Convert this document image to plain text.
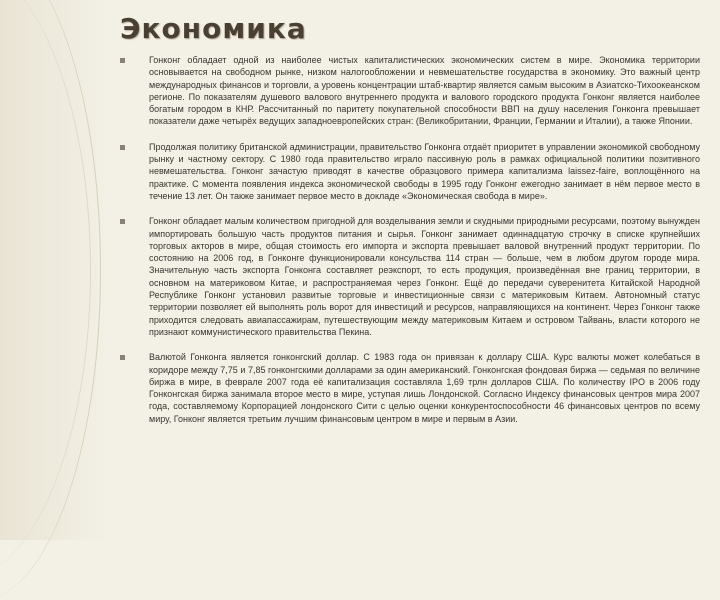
Экономика
Гонконг обладает одной из наиболее чистых капиталистических экономических систем в мире. Экономика территории основывается на свободном рынке, низком налогообложении и невмешательстве государства в экономику. Это важный центр международных финансов и торговли, а уровень концентрации штаб-квартир является самым высоким в Азиатско-Тихоокеанском регионе. По показателям душевого валового внутреннего продукта и валового городского продукта Гонконг является наиболее богатым городом в КНР. Рассчитанный по паритету покупательной способности ВВП на душу населения Гонконга превышает показатели даже четырёх ведущих западноевропейских стран: (Великобритании, Франции, Германии и Италии), а также Японии.
Продолжая политику британской администрации, правительство Гонконга отдаёт приоритет в управлении экономикой свободному рынку и частному сектору. С 1980 года правительство играло пассивную роль в рамках официальной политики позитивного невмешательства. Гонконг зачастую приводят в качестве образцового примера капитализма laissez-faire, воплощённого на практике. С момента появления индекса экономической свободы в 1995 году Гонконг ежегодно занимает в нём первое место в течение 13 лет. Он также занимает первое место в докладе «Экономическая свобода в мире».
Гонконг обладает малым количеством пригодной для возделывания земли и скудными природными ресурсами, поэтому вынужден импортировать большую часть продуктов питания и сырья. Гонконг занимает одиннадцатую строчку в списке крупнейших торговых акторов в мире, общая стоимость его импорта и экспорта превышает валовой внутренний продукт территории. По состоянию на 2006 год, в Гонконге функционировали консульства 114 стран — больше, чем в любом другом городе мира. Значительную часть экспорта Гонконга составляет реэкспорт, то есть продукция, произведённая вне границ территории, в основном на материковом Китае, и распространяемая через Гонконг. Ещё до передачи суверенитета Китайской Народной Республике Гонконг установил развитые торговые и инвестиционные связи с материковым Китаем. Автономный статус территории позволяет ей выполнять роль ворот для инвестиций и ресурсов, направляющихся на континент. Через Гонконг также приходится следовать авиапассажирам, путешествующим между материковым Китаем и островом Тайвань, власти которого не признают коммунистического правительства Пекина.
Валютой Гонконга является гонконгский доллар. С 1983 года он привязан к доллару США. Курс валюты может колебаться в коридоре между 7,75 и 7,85 гонконгскими долларами за один американский. Гонконгская фондовая биржа — седьмая по величине биржа в мире, в феврале 2007 года её капитализация составляла 1,69 трлн долларов США. По количеству IPO в 2006 году Гонконгская биржа занимала второе место в мире, уступая лишь Лондонской. Согласно Индексу финансовых центров мира 2007 года, составляемому Корпорацией лондонского Сити с целью оценки конкурентоспособности 46 финансовых центров по всему миру, Гонконг является третьим лучшим финансовым центром в мире и первым в Азии.
